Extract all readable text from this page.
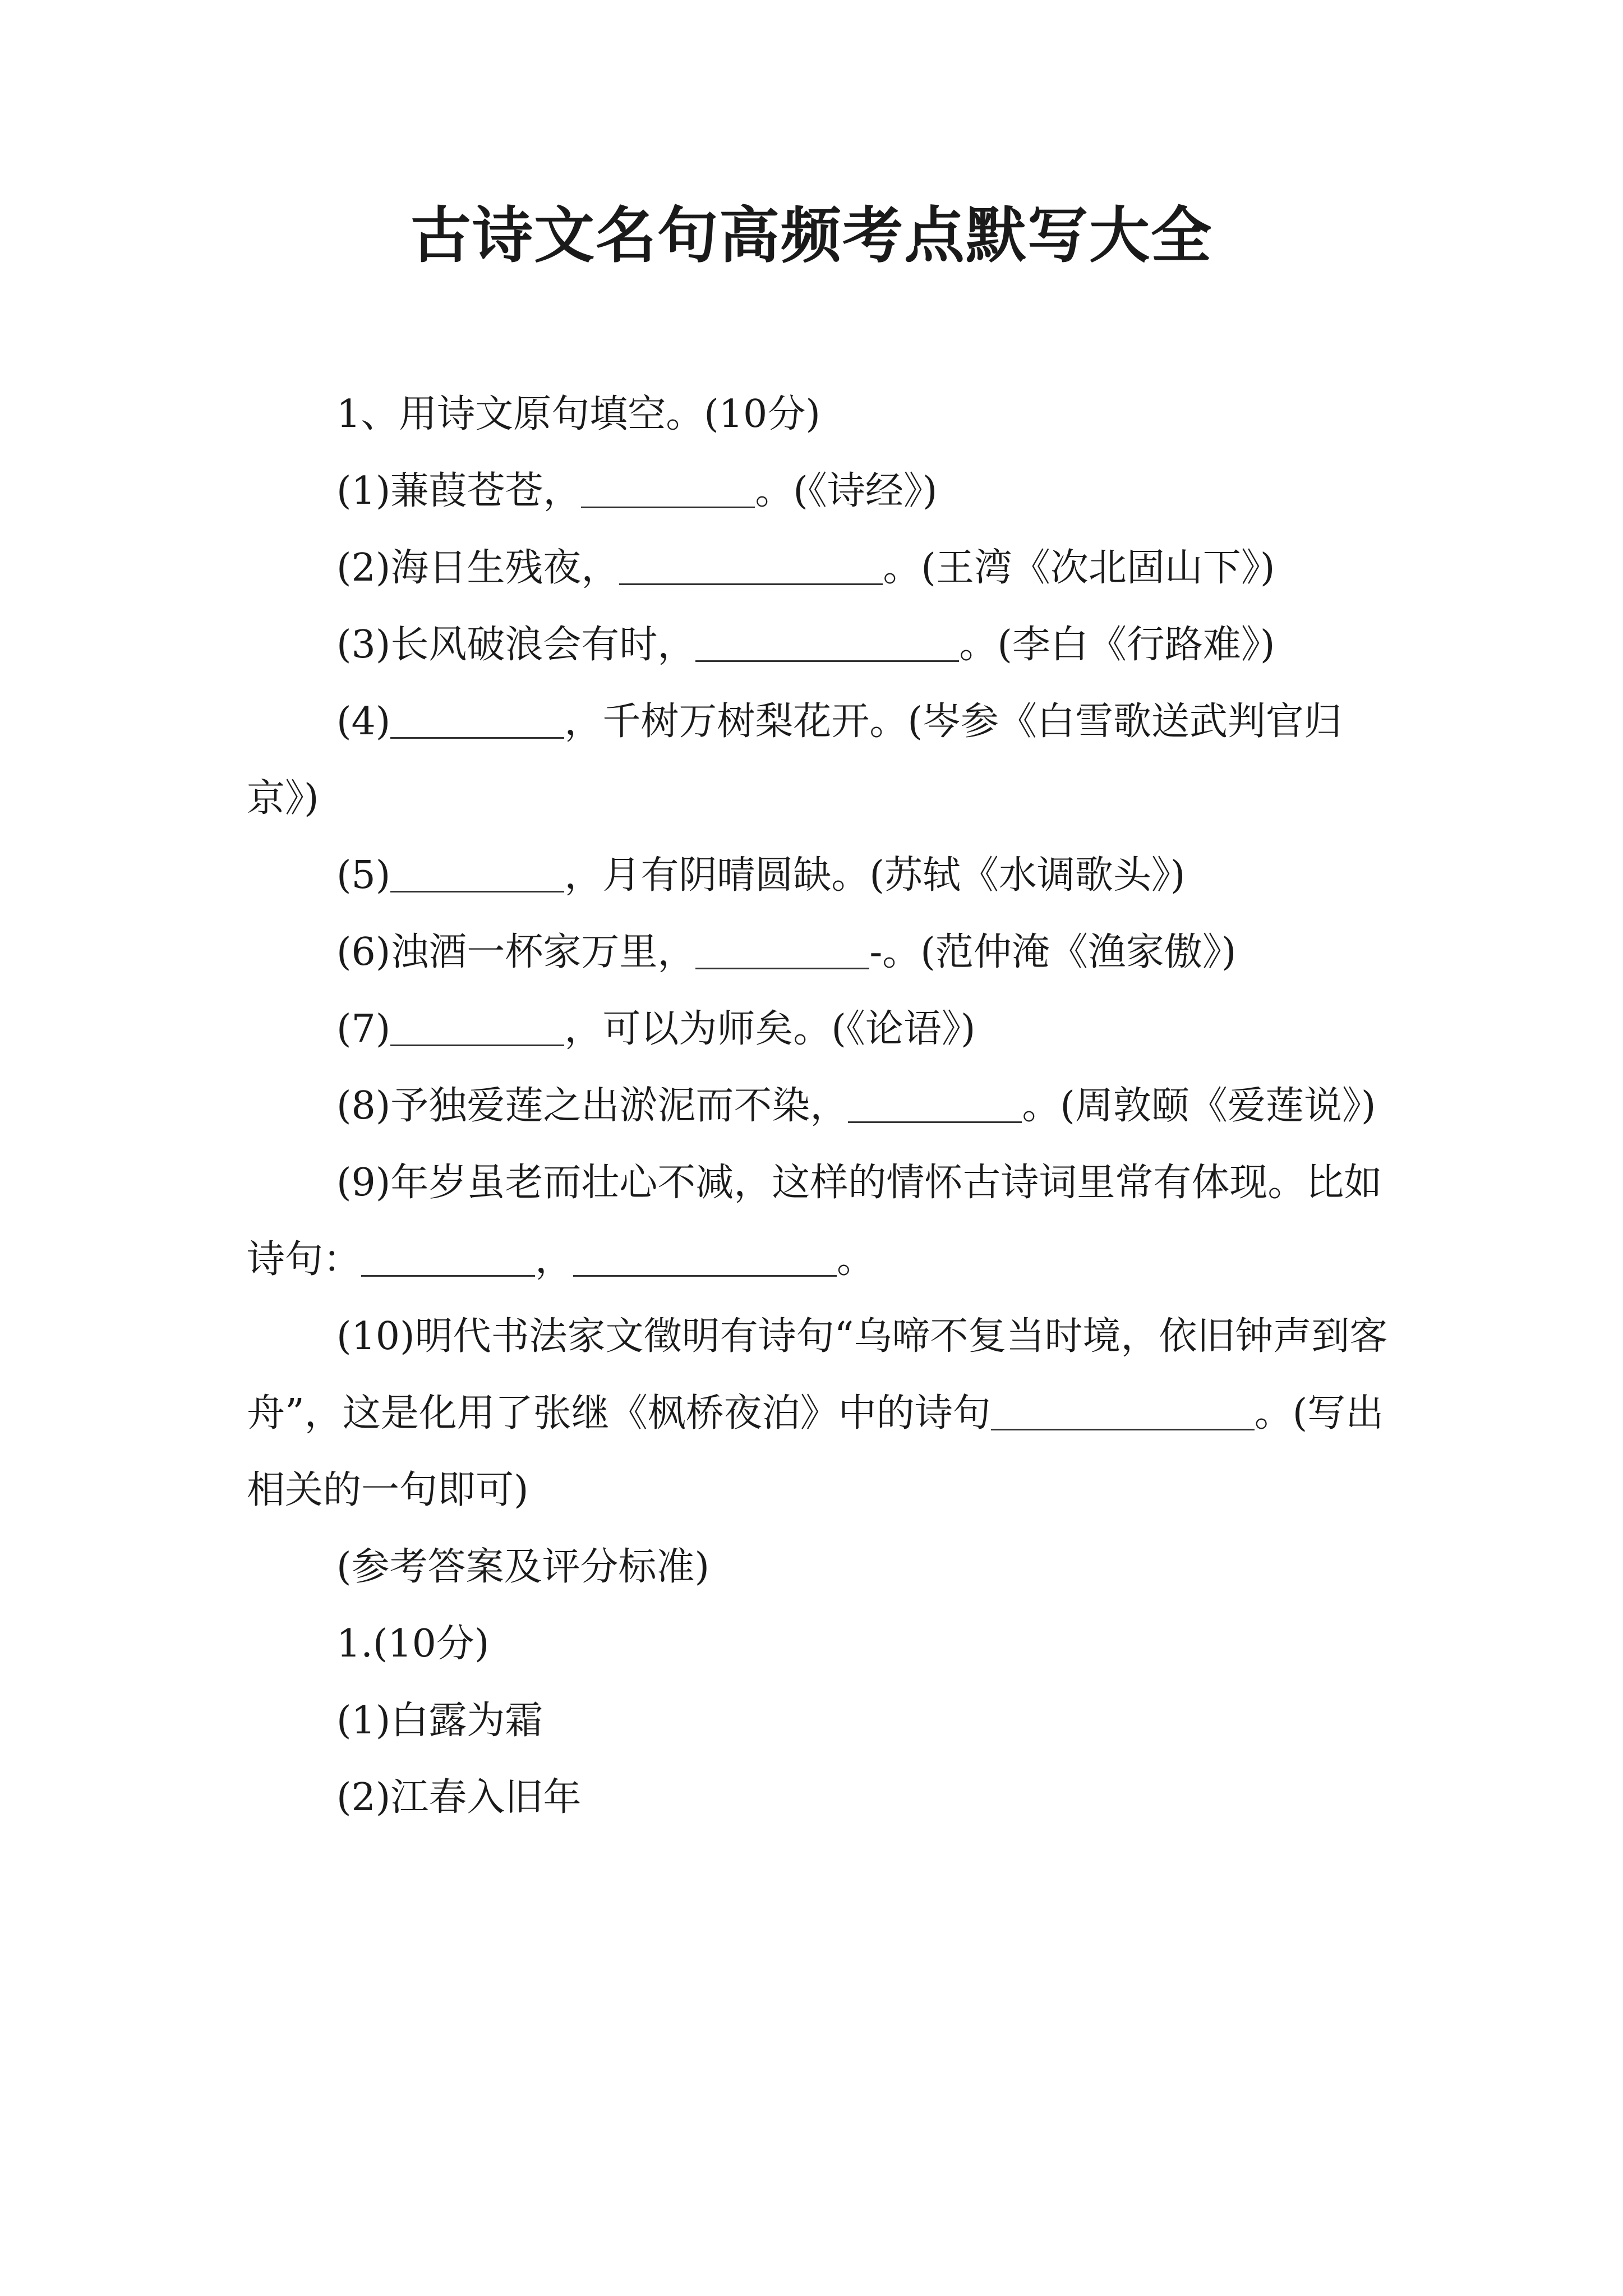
古诗文名句高频考点默写大全

1、用诗文原句填空。(10分)

(1)蒹葭苍苍，	。(《诗经》)

(2)海日生残夜，	。(王湾《次北固山下》)

(3)长风破浪会有时，	。(李白《行路难》)

(4)	，千树万树梨花开。(岑参《白雪歌送武判官归京》)

(5)	，月有阴晴圆缺。(苏轼《水调歌头》)

(6)浊酒一杯家万里，	-。(范仲淹《渔家傲》)

(7)	，可以为师矣。(《论语》)

(8)予独爱莲之出淤泥而不染，	。(周敦颐《爱莲说》)

(9)年岁虽老而壮心不减，这样的情怀古诗词里常有体现。比如诗句：	，	。

(10)明代书法家文徵明有诗句“乌啼不复当时境，依旧钟声到客舟”，这是化用了张继《枫桥夜泊》中的诗句	。(写出相关的一句即可)

(参考答案及评分标准)

1.(10分)

(1)白露为霜

(2)江春入旧年
